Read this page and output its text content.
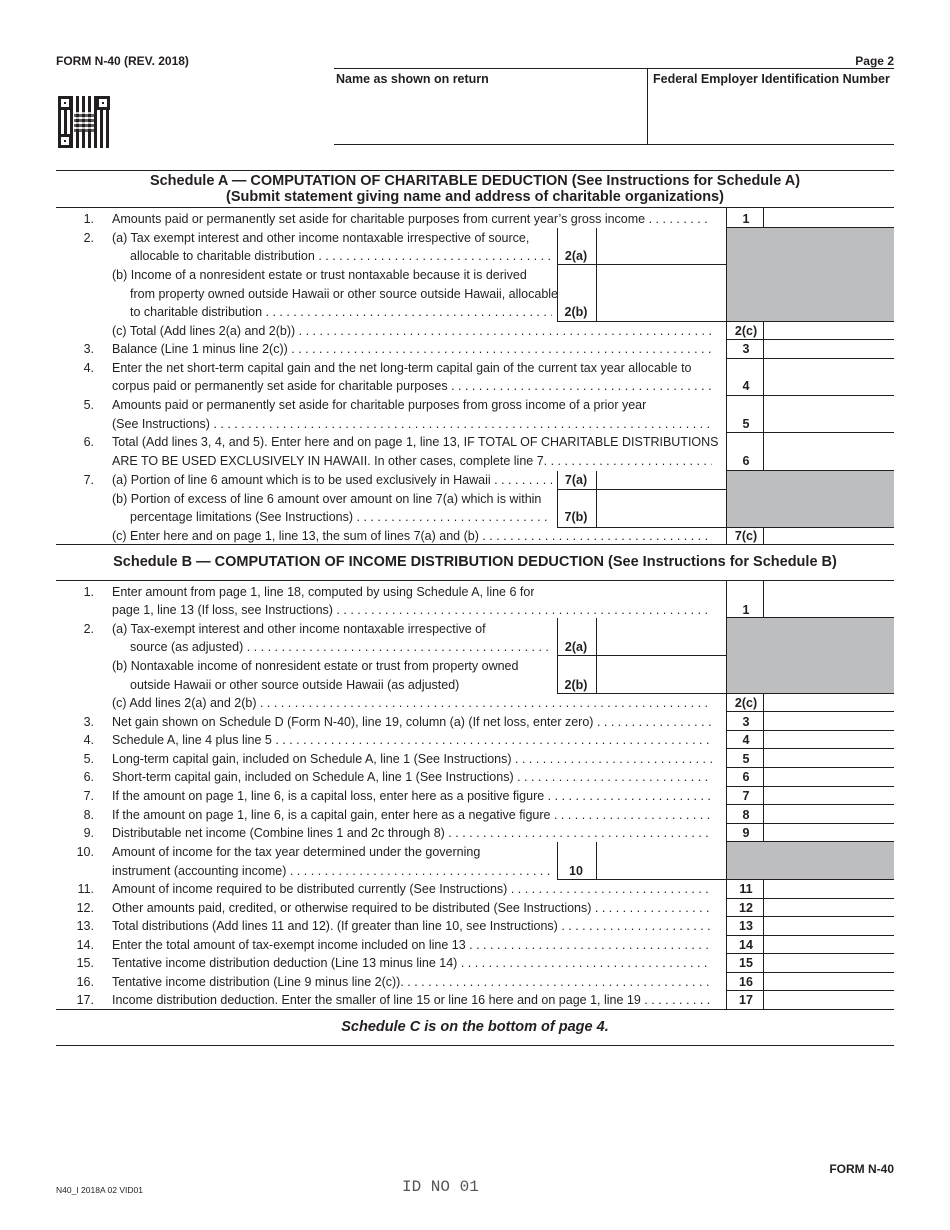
FORM N-40 (REV. 2018)	Page 2
Name as shown on return	Federal Employer Identification Number
Schedule A — COMPUTATION OF CHARITABLE DEDUCTION (See Instructions for Schedule A)
(Submit statement giving name and address of charitable organizations)
1. Amounts paid or permanently set aside for charitable purposes from current year’s gross income . . .	1
2. (a) Tax exempt interest and other income nontaxable irrespective of source,
allocable to charitable distribution . . .	2(a)
(b) Income of a nonresident estate or trust nontaxable because it is derived
from property owned outside Hawaii or other source outside Hawaii, allocable
to charitable distribution . . .	2(b)
(c) Total (Add lines 2(a) and 2(b)) . . .	2(c)
3. Balance (Line 1 minus line 2(c)) . . .	3
4. Enter the net short-term capital gain and the net long-term capital gain of the current tax year allocable to
corpus paid or permanently set aside for charitable purposes . . .	4
5. Amounts paid or permanently set aside for charitable purposes from gross income of a prior year
(See Instructions) . . .	5
6. Total (Add lines 3, 4, and 5). Enter here and on page 1, line 13, IF TOTAL OF CHARITABLE DISTRIBUTIONS
ARE TO BE USED EXCLUSIVELY IN HAWAII. In other cases, complete line 7. . . .	6
7. (a) Portion of line 6 amount which is to be used exclusively in Hawaii . . .	7(a)
(b) Portion of excess of line 6 amount over amount on line 7(a) which is within
percentage limitations (See Instructions) . . .	7(b)
(c) Enter here and on page 1, line 13, the sum of lines 7(a) and (b) . . .	7(c)
Schedule B — COMPUTATION OF INCOME DISTRIBUTION DEDUCTION (See Instructions for Schedule B)
1. Enter amount from page 1, line 18, computed by using Schedule A, line 6 for
page 1, line 13 (If loss, see Instructions) . . .	1
2. (a) Tax-exempt interest and other income nontaxable irrespective of
source (as adjusted) . . .	2(a)
(b) Nontaxable income of nonresident estate or trust from property owned
outside Hawaii or other source outside Hawaii (as adjusted)	2(b)
(c) Add lines 2(a) and 2(b) . . .	2(c)
3. Net gain shown on Schedule D (Form N-40), line 19, column (a) (If net loss, enter zero) . . .	3
4. Schedule A, line 4 plus line 5 . . .	4
5. Long-term capital gain, included on Schedule A, line 1 (See Instructions) . . .	5
6. Short-term capital gain, included on Schedule A, line 1 (See Instructions) . . .	6
7. If the amount on page 1, line 6, is a capital loss, enter here as a positive figure . . .	7
8. If the amount on page 1, line 6, is a capital gain, enter here as a negative figure . . .	8
9. Distributable net income (Combine lines 1 and 2c through 8) . . .	9
10. Amount of income for the tax year determined under the governing
instrument (accounting income) . . .	10
11. Amount of income required to be distributed currently (See Instructions) . . .	11
12. Other amounts paid, credited, or otherwise required to be distributed (See Instructions) . . .	12
13. Total distributions (Add lines 11 and 12). (If greater than line 10, see Instructions) . . .	13
14. Enter the total amount of tax-exempt income included on line 13 . . .	14
15. Tentative income distribution deduction (Line 13 minus line 14) . . .	15
16. Tentative income distribution (Line 9 minus line 2(c)). . . .	16
17. Income distribution deduction. Enter the smaller of line 15 or line 16 here and on page 1, line 19 . . .	17
Schedule C is on the bottom of page 4.
FORM N-40
N40_I 2018A 02 VID01	ID NO 01
